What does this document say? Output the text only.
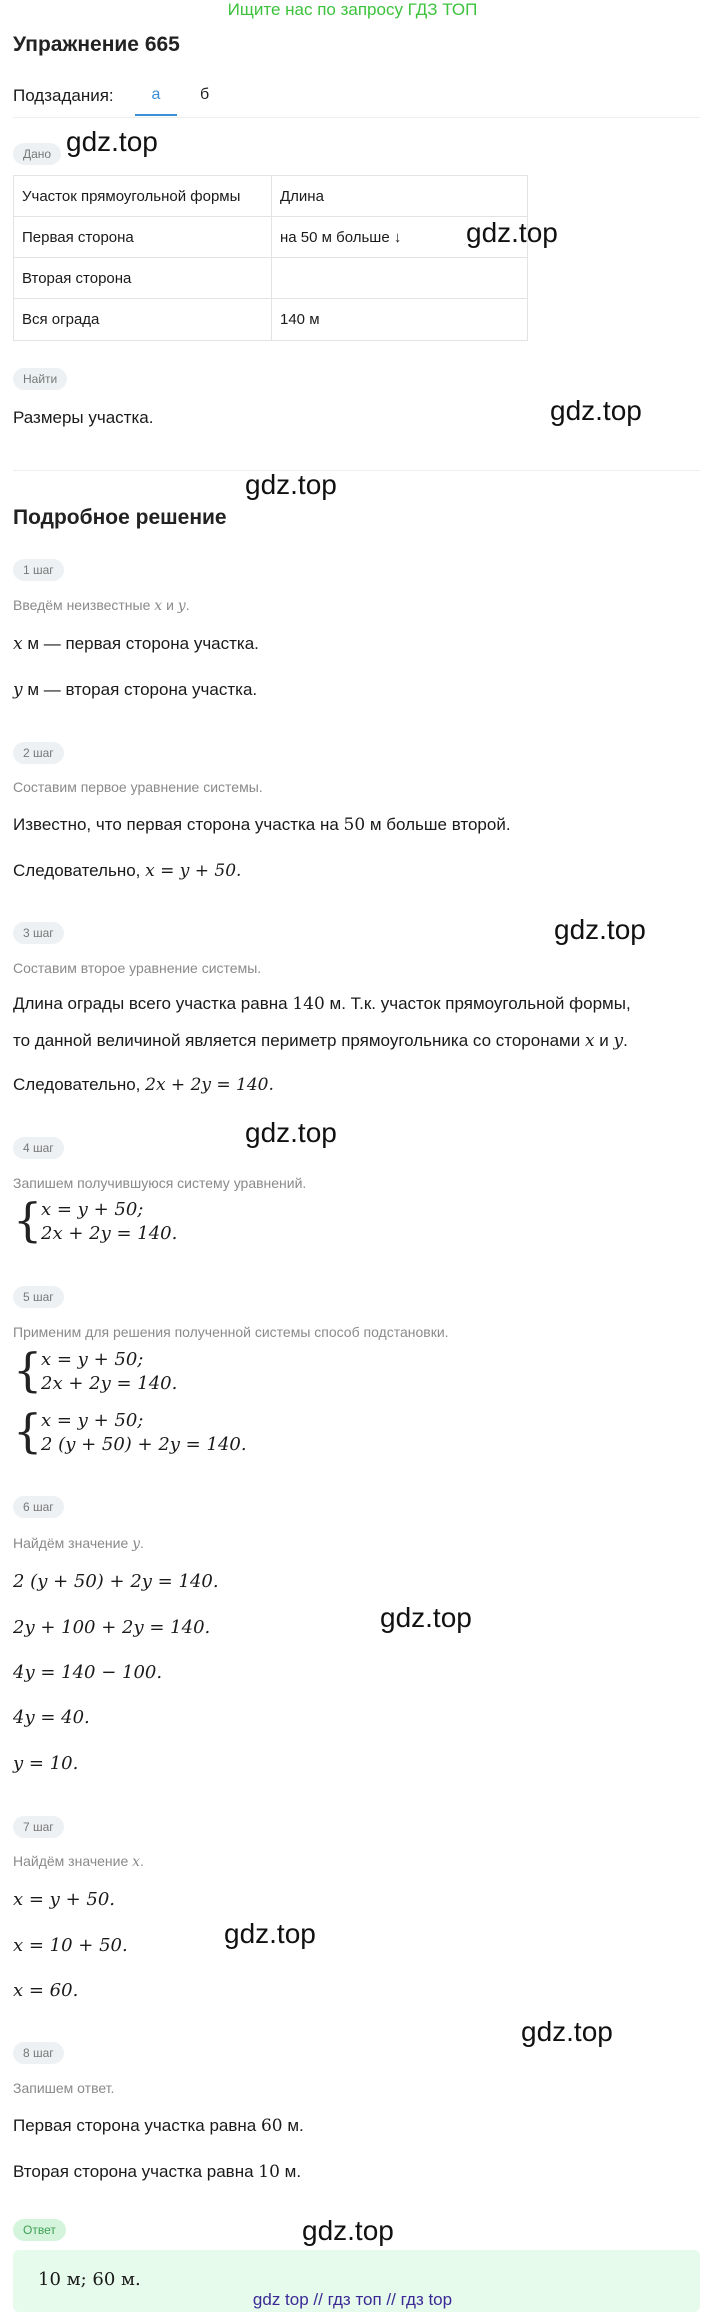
Ищите нас по запросу ГДЗ ТОП
Упражнение 665
Подзадания:	а	б
Дано
Участок прямоугольной формы	Длина
Первая сторона	на 50 м больше ↓
Вторая сторона
Вся ограда	140 м
Найти
Размеры участка.
Подробное решение
1 шаг
Введём неизвестные x и y.
x м — первая сторона участка.
y м — вторая сторона участка.
2 шаг
Составим первое уравнение системы.
Известно, что первая сторона участка на 50 м больше второй.
Следовательно, x = y + 50.
3 шаг
Составим второе уравнение системы.
Длина ограды всего участка равна 140 м. Т.к. участок прямоугольной формы,
то данной величиной является периметр прямоугольника со сторонами x и y.
Следовательно, 2x + 2y = 140.
4 шаг
Запишем получившуюся систему уравнений.
{
x = y + 50;
2x + 2y = 140.
5 шаг
Применим для решения полученной системы способ подстановки.
{
x = y + 50;
2x + 2y = 140.
{
x = y + 50;
2 (y + 50) + 2y = 140.
6 шаг
Найдём значение y.
2 (y + 50) + 2y = 140.
2y + 100 + 2y = 140.
4y = 140 − 100.
4y = 40.
y = 10.
7 шаг
Найдём значение x.
x = y + 50.
x = 10 + 50.
x = 60.
8 шаг
Запишем ответ.
Первая сторона участка равна 60 м.
Вторая сторона участка равна 10 м.
Ответ
10 м; 60 м.
gdz.top
gdz.top
gdz.top
gdz.top
gdz.top
gdz.top
gdz.top
gdz.top
gdz.top
gdz.top
gdz top // гдз топ // гдз top
